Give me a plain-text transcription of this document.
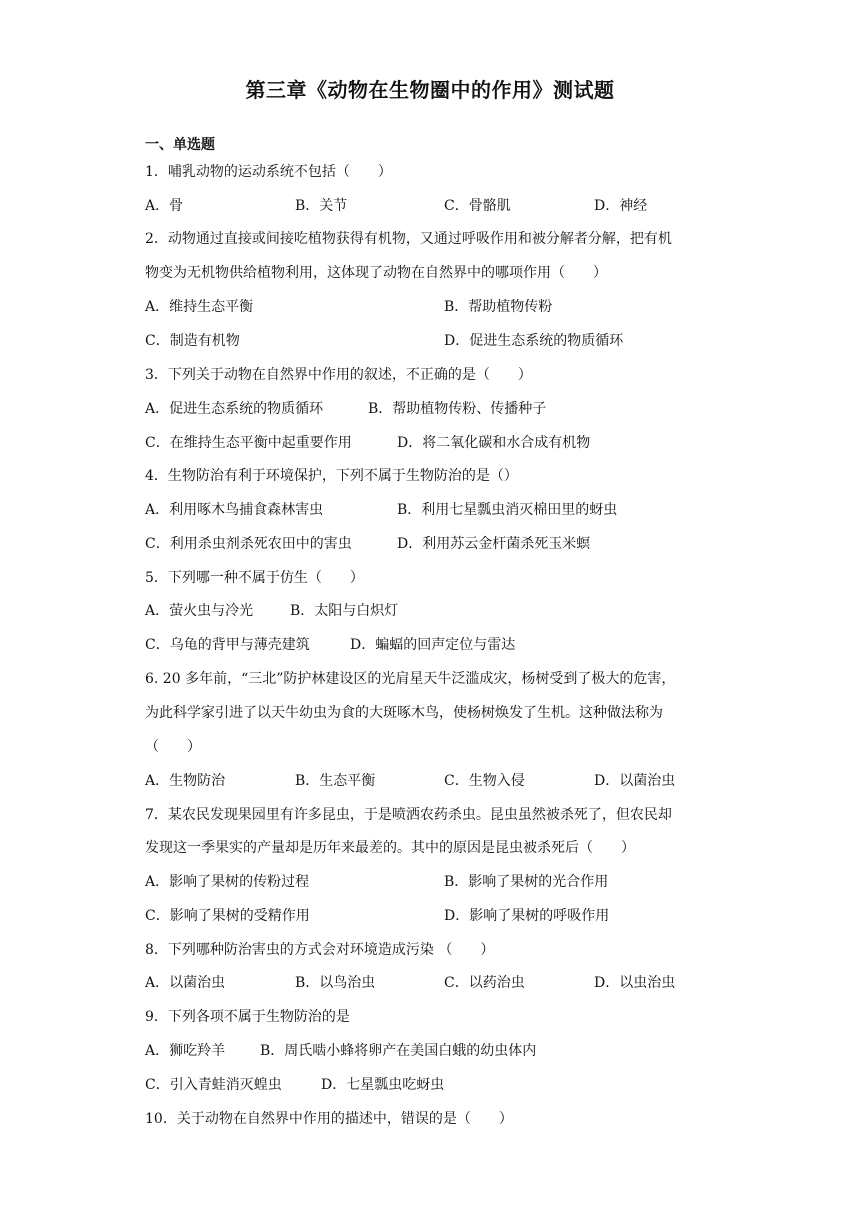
第三章《动物在生物圈中的作用》测试题
一、单选题
1．哺乳动物的运动系统不包括（　　）
A．骨	B．关节	C．骨骼肌	D．神经
2．动物通过直接或间接吃植物获得有机物，又通过呼吸作用和被分解者分解，把有机
物变为无机物供给植物利用，这体现了动物在自然界中的哪项作用（　　）
A．维持生态平衡	B．帮助植物传粉
C．制造有机物	D．促进生态系统的物质循环
3．下列关于动物在自然界中作用的叙述，不正确的是（　　）
A．促进生态系统的物质循环	B．帮助植物传粉、传播种子
C．在维持生态平衡中起重要作用	D．将二氧化碳和水合成有机物
4．生物防治有利于环境保护，下列不属于生物防治的是（）
A．利用啄木鸟捕食森林害虫	B．利用七星瓢虫消灭棉田里的蚜虫
C．利用杀虫剂杀死农田中的害虫	D．利用苏云金杆菌杀死玉米螟
5．下列哪一种不属于仿生（　　）
A．萤火虫与冷光	B．太阳与白炽灯
C．乌龟的背甲与薄壳建筑	D．蝙蝠的回声定位与雷达
6. 20 多年前，“三北”防护林建设区的光肩星天牛泛滥成灾，杨树受到了极大的危害，
为此科学家引进了以天牛幼虫为食的大斑啄木鸟，使杨树焕发了生机。这种做法称为
（　　）
A．生物防治	B．生态平衡	C．生物入侵	D．以菌治虫
7．某农民发现果园里有许多昆虫，于是喷洒农药杀虫。昆虫虽然被杀死了，但农民却
发现这一季果实的产量却是历年来最差的。其中的原因是昆虫被杀死后（　　）
A．影响了果树的传粉过程	B．影响了果树的光合作用
C．影响了果树的受精作用	D．影响了果树的呼吸作用
8．下列哪种防治害虫的方式会对环境造成污染 （　　）
A．以菌治虫	B．以鸟治虫	C．以药治虫	D．以虫治虫
9．下列各项不属于生物防治的是
A．狮吃羚羊 B．周氏啮小蜂将卵产在美国白蛾的幼虫体内
C．引入青蛙消灭蝗虫	D．七星瓢虫吃蚜虫
10．关于动物在自然界中作用的描述中，错误的是（　　）
